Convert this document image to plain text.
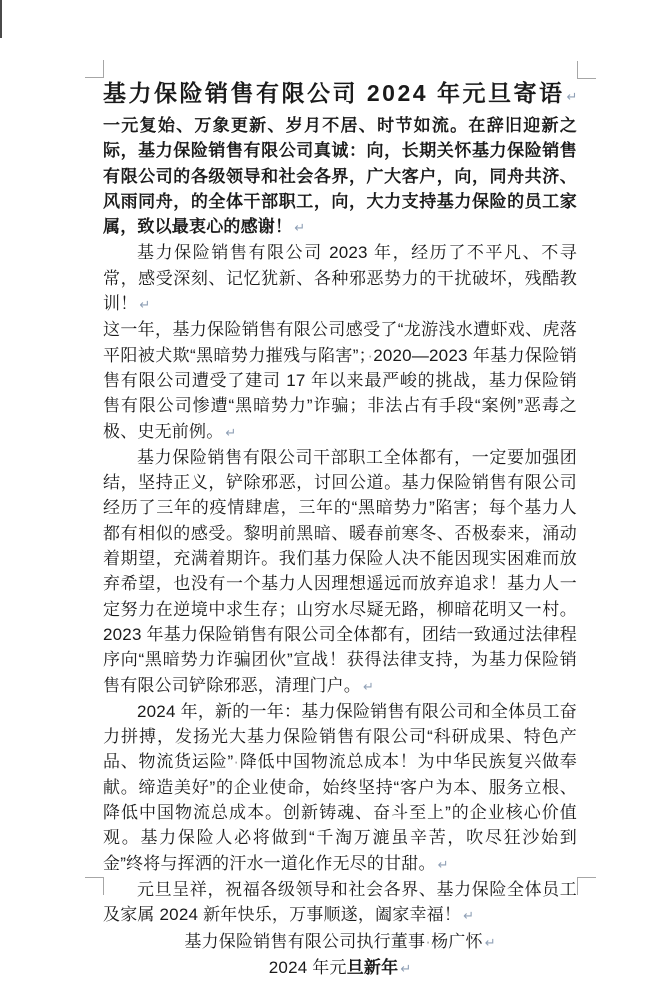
基力保险销售有限公司 2024 年元旦寄语 ↵

一元复始、万象更新、岁月不居、时节如流。在辞旧迎新之际，基力保险销售有限公司真诚：向，长期关怀基力保险销售有限公司的各级领导和社会各界，广大客户，向，同舟共济、风雨同舟，的全体干部职工，向，大力支持基力保险的员工家属，致以最衷心的感谢！ ↵

基力保险销售有限公司 2023 年，经历了不平凡、不寻常，感受深刻、记忆犹新、各种邪恶势力的干扰破坏，残酷教训！ ↵

这一年，基力保险销售有限公司感受了“龙游浅水遭虾戏、虎落平阳被犬欺“黑暗势力摧残与陷害”；·2020—2023 年基力保险销售有限公司遭受了建司 17 年以来最严峻的挑战，基力保险销售有限公司惨遭“黑暗势力”诈骗；非法占有手段“案例”恶毒之极、史无前例。 ↵

基力保险销售有限公司干部职工全体都有，一定要加强团结，坚持正义，铲除邪恶，讨回公道。基力保险销售有限公司经历了三年的疫情肆虐，三年的“黑暗势力”陷害；每个基力人都有相似的感受。黎明前黑暗、暖春前寒冬、否极泰来，涌动着期望，充满着期许。我们基力保险人决不能因现实困难而放弃希望，也没有一个基力人因理想遥远而放弃追求！基力人一定努力在逆境中求生存；山穷水尽疑无路，柳暗花明又一村。2023 年基力保险销售有限公司全体都有，团结一致通过法律程序向“黑暗势力诈骗团伙”宣战！获得法律支持，为基力保险销售有限公司铲除邪恶，清理门户。 ↵

2024 年，新的一年：基力保险销售有限公司和全体员工奋力拼搏，发扬光大基力保险销售有限公司“科研成果、特色产品、物流货运险”·降低中国物流总成本！为中华民族复兴做奉献。缔造美好”的企业使命，始终坚持“客户为本、服务立根、降低中国物流总成本。创新铸魂、奋斗至上”的企业核心价值观。基力保险人必将做到“千淘万漉虽辛苦，吹尽狂沙始到金”终将与挥洒的汗水一道化作无尽的甘甜。 ↵

元旦呈祥，祝福各级领导和社会各界、基力保险全体员工及家属 2024 新年快乐，万事顺遂，阖家幸福！ ↵

基力保险销售有限公司执行董事·杨广怀 ↵

2024 年元旦新年 ↵
